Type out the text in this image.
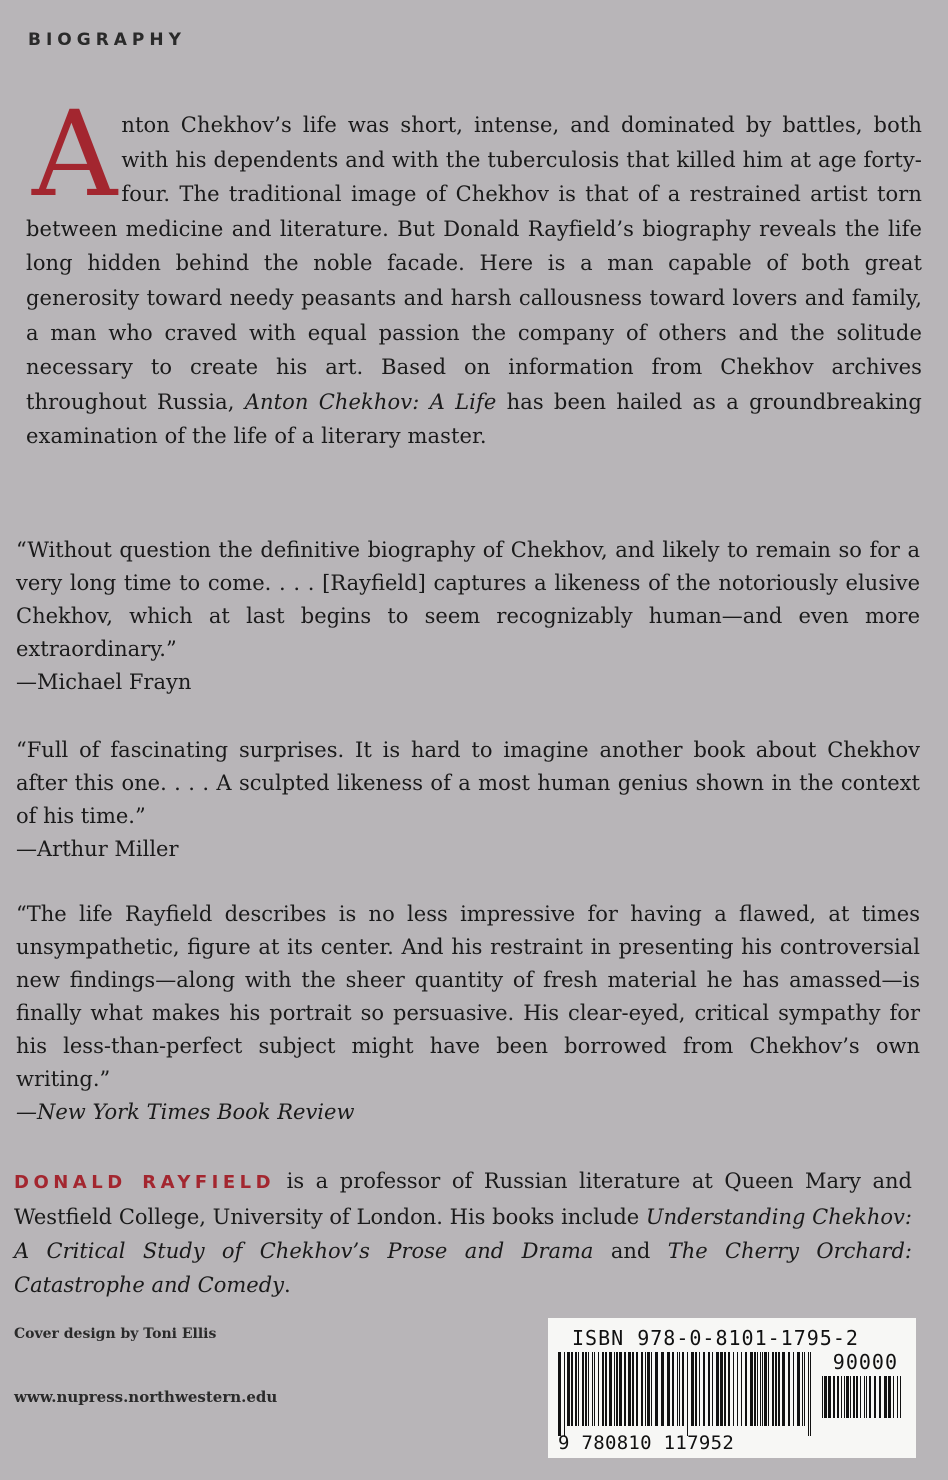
BIOGRAPHY
Anton Chekhov’s life was short, intense, and dominated by battles, both with his dependents and with the tuberculosis that killed him at age forty-four. The traditional image of Chekhov is that of a restrained artist torn between medicine and literature. But Donald Rayfield’s biography reveals the life long hidden behind the noble facade. Here is a man capable of both great generosity toward needy peasants and harsh callousness toward lovers and family, a man who craved with equal passion the company of others and the solitude necessary to create his art. Based on information from Chekhov archives throughout Russia, Anton Chekhov: A Life has been hailed as a groundbreaking examination of the life of a literary master.
“Without question the definitive biography of Chekhov, and likely to remain so for a very long time to come. . . . [Rayfield] captures a likeness of the notoriously elusive Chekhov, which at last begins to seem recognizably human—and even more extraordinary.”
—Michael Frayn
“Full of fascinating surprises. It is hard to imagine another book about Chekhov after this one. . . . A sculpted likeness of a most human genius shown in the context of his time.”
—Arthur Miller
“The life Rayfield describes is no less impressive for having a flawed, at times unsympathetic, figure at its center. And his restraint in presenting his controversial new findings—along with the sheer quantity of fresh material he has amassed—is finally what makes his portrait so persuasive. His clear-eyed, critical sympathy for his less-than-perfect subject might have been borrowed from Chekhov’s own writing.”
—New York Times Book Review
DONALD RAYFIELD is a professor of Russian literature at Queen Mary and Westfield College, University of London. His books include Understanding Chekhov: A Critical Study of Chekhov’s Prose and Drama and The Cherry Orchard: Catastrophe and Comedy.
Cover design by Toni Ellis
www.nupress.northwestern.edu
ISBN 978-0-8101-1795-2
90000
9 780810 117952
